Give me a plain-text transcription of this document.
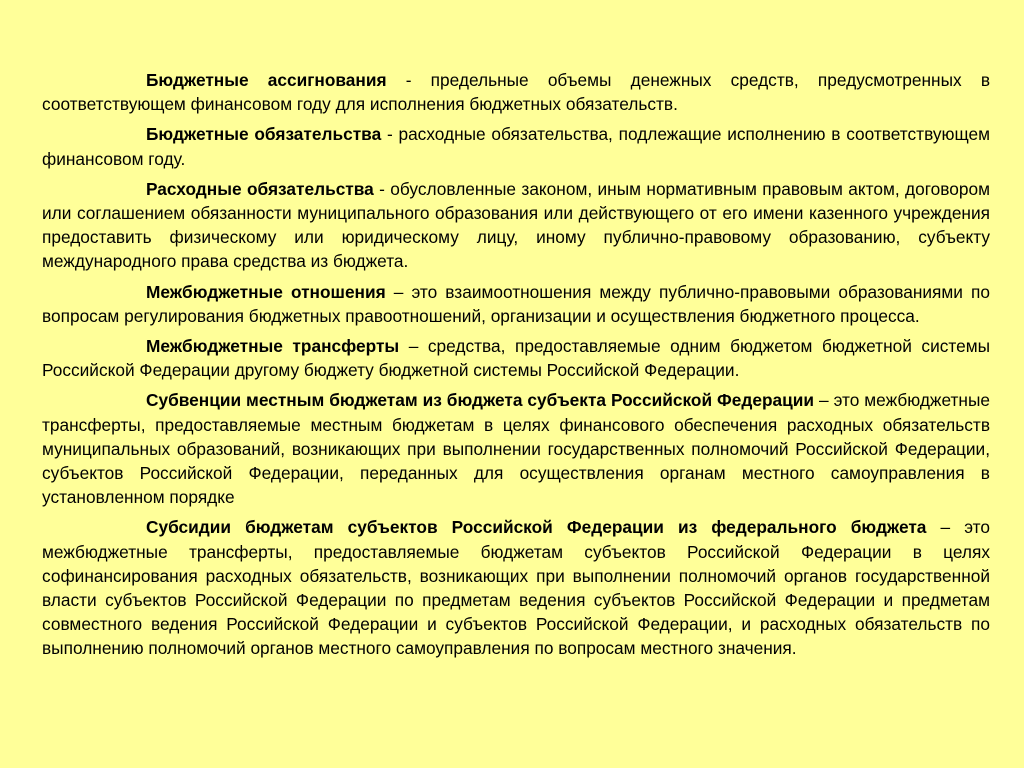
Бюджетные ассигнования - предельные объемы денежных средств, предусмотренных в соответствующем финансовом году для исполнения бюджетных обязательств.

Бюджетные обязательства - расходные обязательства, подлежащие исполнению в соответствующем финансовом году.

Расходные обязательства - обусловленные законом, иным нормативным правовым актом, договором или соглашением обязанности муниципального образования или действующего от его имени казенного учреждения предоставить физическому или юридическому лицу, иному публично-правовому образованию, субъекту международного права средства из бюджета.

Межбюджетные отношения – это взаимоотношения между публично-правовыми образованиями по вопросам регулирования бюджетных правоотношений, организации и осуществления бюджетного процесса.

Межбюджетные трансферты – средства, предоставляемые одним бюджетом бюджетной системы Российской Федерации другому бюджету бюджетной системы Российской Федерации.

Субвенции местным бюджетам из бюджета субъекта Российской Федерации – это межбюджетные трансферты, предоставляемые местным бюджетам в целях финансового обеспечения расходных обязательств муниципальных образований, возникающих при выполнении государственных полномочий Российской Федерации, субъектов Российской Федерации, переданных для осуществления органам местного самоуправления в установленном порядке

Субсидии бюджетам субъектов Российской Федерации из федерального бюджета – это межбюджетные трансферты, предоставляемые бюджетам субъектов Российской Федерации в целях софинансирования расходных обязательств, возникающих при выполнении полномочий органов государственной власти субъектов Российской Федерации по предметам ведения субъектов Российской Федерации и предметам совместного ведения Российской Федерации и субъектов Российской Федерации, и расходных обязательств по выполнению полномочий органов местного самоуправления по вопросам местного значения.
